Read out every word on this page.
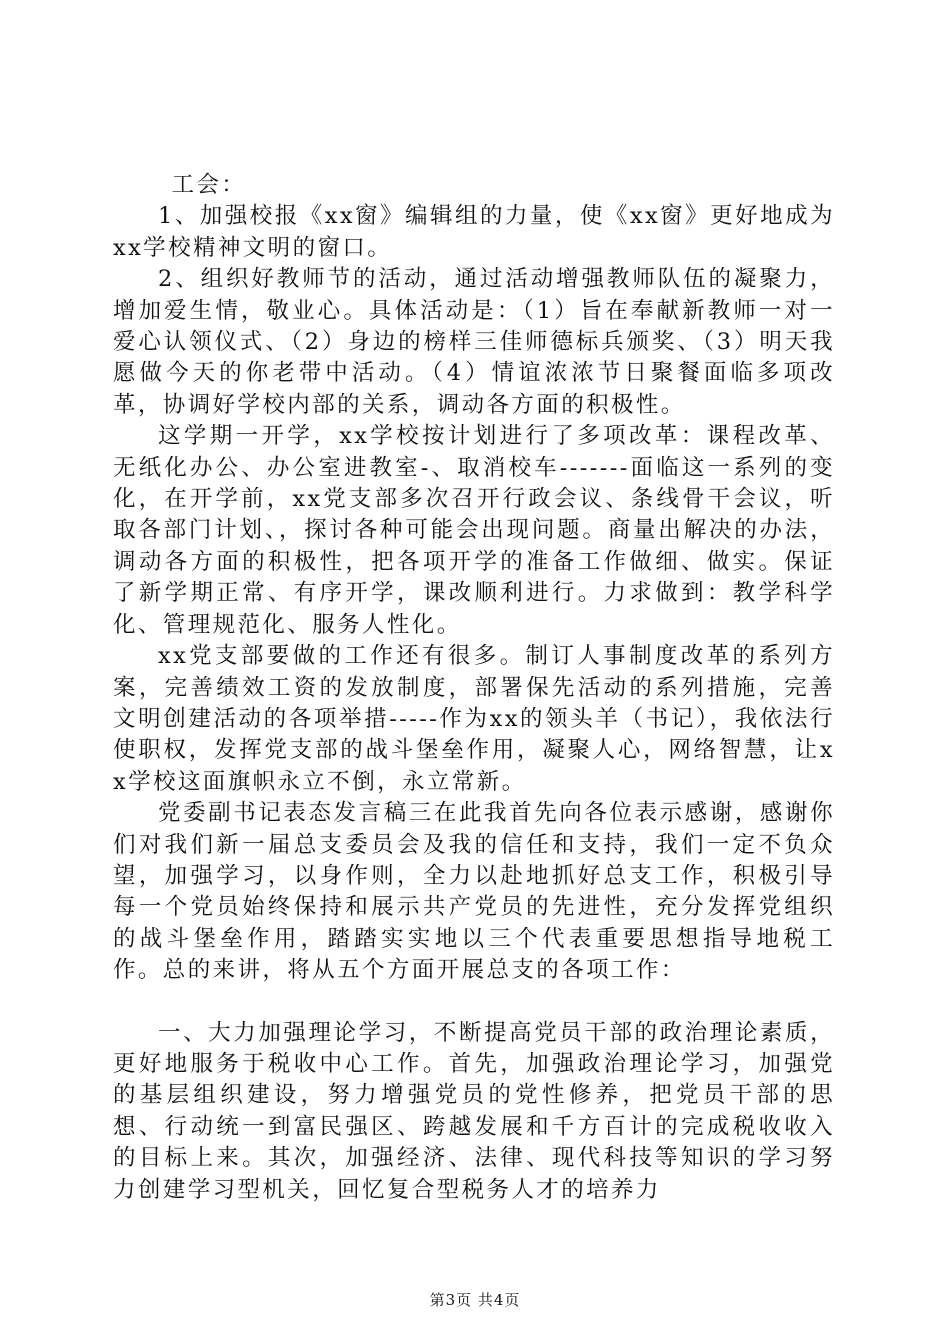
工会：

1、加强校报《xx窗》编辑组的力量，使《xx窗》更好地成为xx学校精神文明的窗口。

2、组织好教师节的活动，通过活动增强教师队伍的凝聚力，增加爱生情，敬业心。具体活动是：（1）旨在奉献新教师一对一爱心认领仪式、（2）身边的榜样三佳师德标兵颁奖、（3）明天我愿做今天的你老带中活动。（4）情谊浓浓节日聚餐面临多项改革，协调好学校内部的关系，调动各方面的积极性。

这学期一开学，xx学校按计划进行了多项改革：课程改革、无纸化办公、办公室进教室-、取消校车-------面临这一系列的变化，在开学前，xx党支部多次召开行政会议、条线骨干会议，听取各部门计划、，探讨各种可能会出现问题。商量出解决的办法，调动各方面的积极性，把各项开学的准备工作做细、做实。保证了新学期正常、有序开学，课改顺利进行。力求做到：教学科学化、管理规范化、服务人性化。

xx党支部要做的工作还有很多。制订人事制度改革的系列方案，完善绩效工资的发放制度，部署保先活动的系列措施，完善文明创建活动的各项举措-----作为xx的领头羊（书记），我依法行使职权，发挥党支部的战斗堡垒作用，凝聚人心，网络智慧，让xx学校这面旗帜永立不倒，永立常新。

党委副书记表态发言稿三在此我首先向各位表示感谢，感谢你们对我们新一届总支委员会及我的信任和支持，我们一定不负众望，加强学习，以身作则，全力以赴地抓好总支工作，积极引导每一个党员始终保持和展示共产党员的先进性，充分发挥党组织的战斗堡垒作用，踏踏实实地以三个代表重要思想指导地税工作。总的来讲，将从五个方面开展总支的各项工作：

一、大力加强理论学习，不断提高党员干部的政治理论素质，更好地服务于税收中心工作。首先，加强政治理论学习，加强党的基层组织建设，努力增强党员的党性修养，把党员干部的思想、行动统一到富民强区、跨越发展和千方百计的完成税收收入的目标上来。其次，加强经济、法律、现代科技等知识的学习努力创建学习型机关，回忆复合型税务人才的培养力

第3页 共4页
